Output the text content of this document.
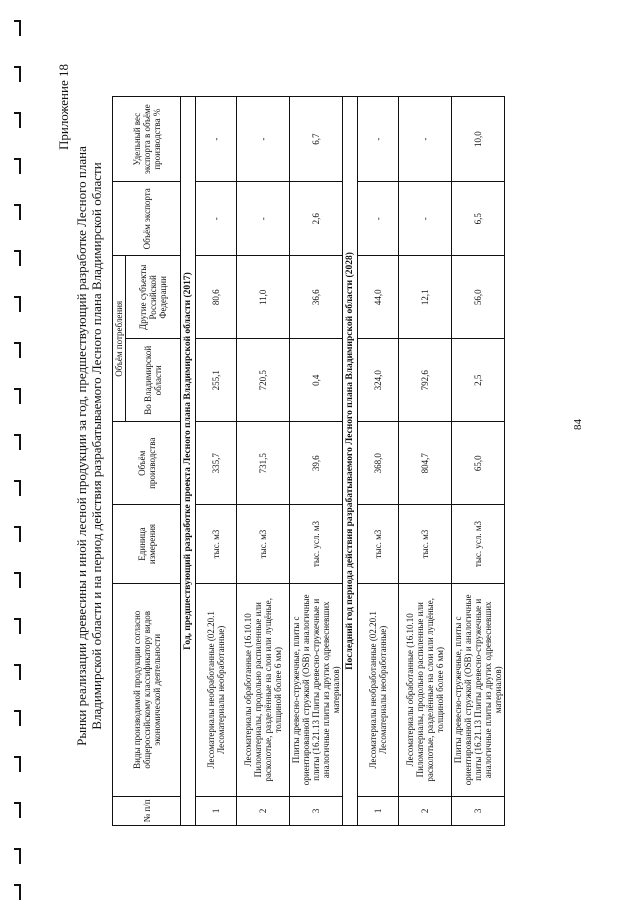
Приложение 18
Рынки реализации древесины и иной лесной продукции за год, предшествующий разработке Лесного плана Владимирской области и на период действия разрабатываемого Лесного плана Владимирской области
№ п/п	Виды производимой продукции согласно общероссийскому классификатору видов экономической деятельности	Единица измерения	Объём производства	Объём потребления		Объём экспорта	Удельный вес экспорта в объёме производства %
				Во Владимирской области	Другие субъекты Российской Федерации		
Год, предшествующий разработке проекта Лесного плана Владимирской области (2017)							
1	Лесоматериалы необработанные (02.20.1 Лесоматериалы необработанные)	тыс. м3	335,7	255,1	80,6	-	-
2	Лесоматериалы обработанные (16.10.10 Пиломатериалы, продольно распиленные или расколотые, разделённые на слои или лущёные, толщиной более 6 мм)	тыс. м3	731,5	720,5	11,0	-	-
3	Плиты древесно-стружечные, плиты с ориентированной стружкой (OSB) и аналогичные плиты (16.21.13 Плиты древесно-стружечные и аналогичные плиты из других одревесневших материалов)	тыс. усл. м3	39,6	0,4	36,6	2,6	6,7
Последний год периода действия разрабатываемого Лесного плана Владимирской области (2028)							
1	Лесоматериалы необработанные (02.20.1 Лесоматериалы необработанные)	тыс. м3	368,0	324,0	44,0	-	-
2	Лесоматериалы обработанные (16.10.10 Пиломатериалы, продольно распиленные или расколотые, разделённые на слои или лущёные, толщиной более 6 мм)	тыс. м3	804,7	792,6	12,1	-	-
3	Плиты древесно-стружечные, плиты с ориентированной стружкой (OSB) и аналогичные плиты (16.21.13 Плиты древесно-стружечные и аналогичные плиты из других одревесневших материалов)	тыс. усл. м3	65,0	2,5	56,0	6,5	10,0
84
